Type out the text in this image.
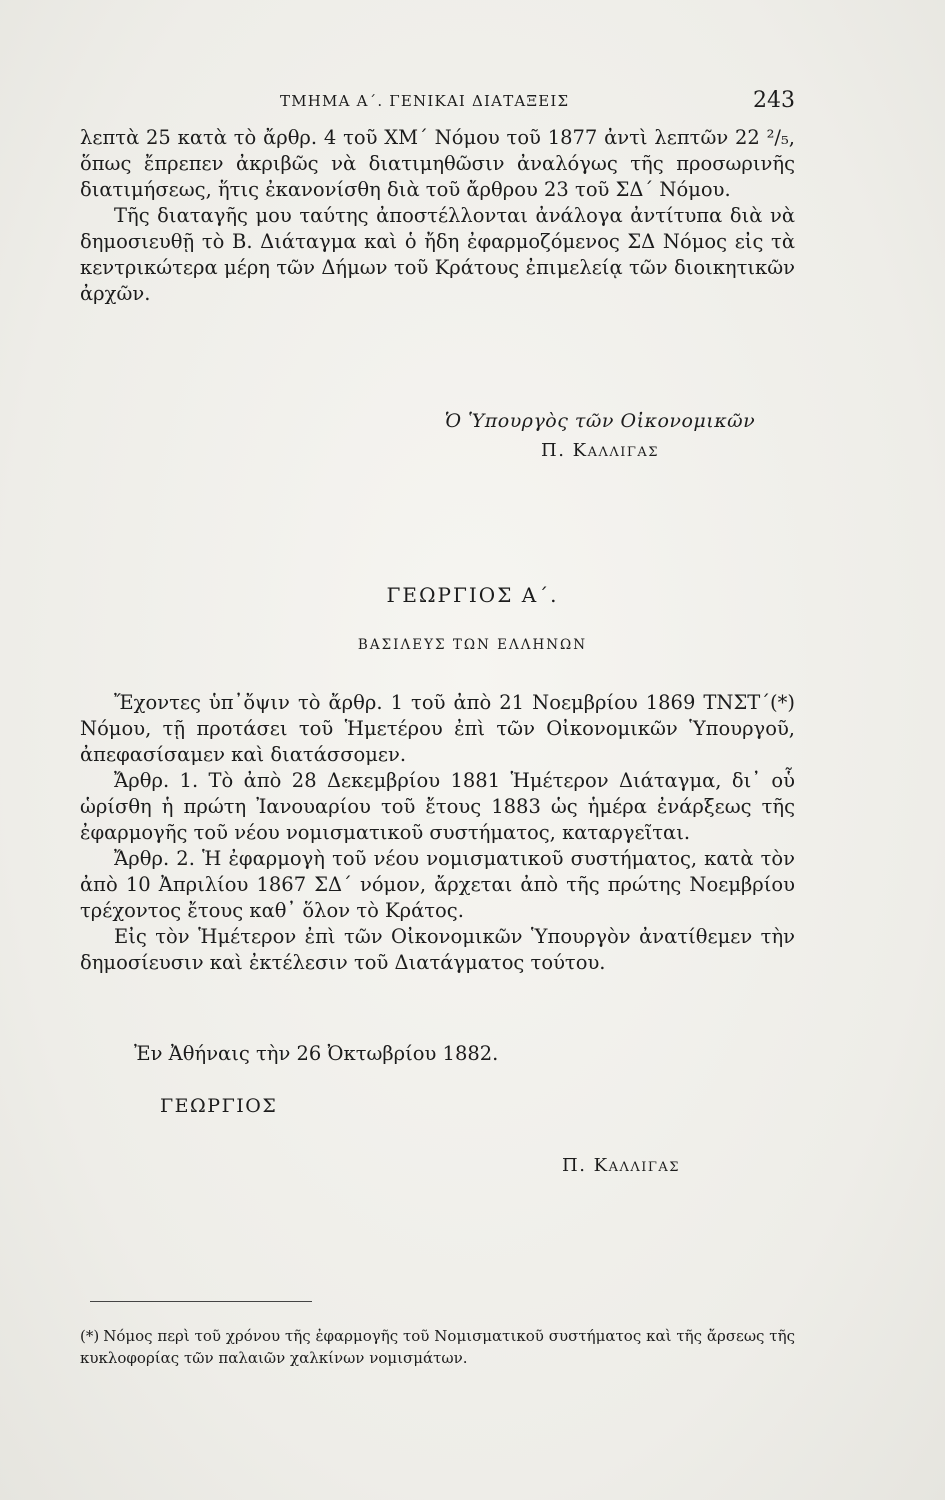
ΤΜΗΜΑ Α΄. ΓΕΝΙΚΑΙ ΔΙΑΤΑΞΕΙΣ	243

λεπτὰ 25 κατὰ τὸ ἄρθρ. 4 τοῦ ΧΜ΄ Νόμου τοῦ 1877 ἀντὶ λεπτῶν 22 ²/₅, ὅπως ἔπρεπεν ἀκριβῶς νὰ διατιμηθῶσιν ἀναλόγως τῆς προσωρινῆς διατιμήσεως, ἥτις ἐκανονίσθη διὰ τοῦ ἄρθρου 23 τοῦ ΣΔ΄ Νόμου.

Τῆς διαταγῆς μου ταύτης ἀποστέλλονται ἀνάλογα ἀντίτυπα διὰ νὰ δημοσιευθῇ τὸ Β. Διάταγμα καὶ ὁ ἤδη ἐφαρμοζόμενος ΣΔ Νόμος εἰς τὰ κεντρικώτερα μέρη τῶν Δήμων τοῦ Κράτους ἐπιμελείᾳ τῶν διοικητικῶν ἀρχῶν.

Ὁ Ὑπουργὸς τῶν Οἰκονομικῶν
Π. Καλλιγας
ΓΕΩΡΓΙΟΣ Α΄.
ΒΑΣΙΛΕΥΣ ΤΩΝ ΕΛΛΗΝΩΝ

Ἔχοντες ὑπ᾽ὄψιν τὸ ἄρθρ. 1 τοῦ ἀπὸ 21 Νοεμβρίου 1869 ΤΝΣΤ΄(*) Νόμου, τῇ προτάσει τοῦ Ἡμετέρου ἐπὶ τῶν Οἰκονομικῶν Ὑπουργοῦ, ἀπεφασίσαμεν καὶ διατάσσομεν.

Ἄρθρ. 1. Τὸ ἀπὸ 28 Δεκεμβρίου 1881 Ἡμέτερον Διάταγμα, δι᾽ οὗ ὡρίσθη ἡ πρώτη Ἰανουαρίου τοῦ ἔτους 1883 ὡς ἡμέρα ἐνάρξεως τῆς ἐφαρμογῆς τοῦ νέου νομισματικοῦ συστήματος, καταργεῖται.

Ἄρθρ. 2. Ἡ ἐφαρμογὴ τοῦ νέου νομισματικοῦ συστήματος, κατὰ τὸν ἀπὸ 10 Ἀπριλίου 1867 ΣΔ΄ νόμον, ἄρχεται ἀπὸ τῆς πρώτης Νοεμβρίου τρέχοντος ἔτους καθ᾽ ὅλον τὸ Κράτος.

Εἰς τὸν Ἡμέτερον ἐπὶ τῶν Οἰκονομικῶν Ὑπουργὸν ἀνατίθεμεν τὴν δημοσίευσιν καὶ ἐκτέλεσιν τοῦ Διατάγματος τούτου.

Ἐν Ἀθήναις τὴν 26 Ὀκτωβρίου 1882.
ΓΕΩΡΓΙΟΣ
Π. Καλλιγας

(*) Νόμος περὶ τοῦ χρόνου τῆς ἐφαρμογῆς τοῦ Νομισματικοῦ συστήματος καὶ τῆς ἄρσεως τῆς κυκλοφορίας τῶν παλαιῶν χαλκίνων νομισμάτων.
